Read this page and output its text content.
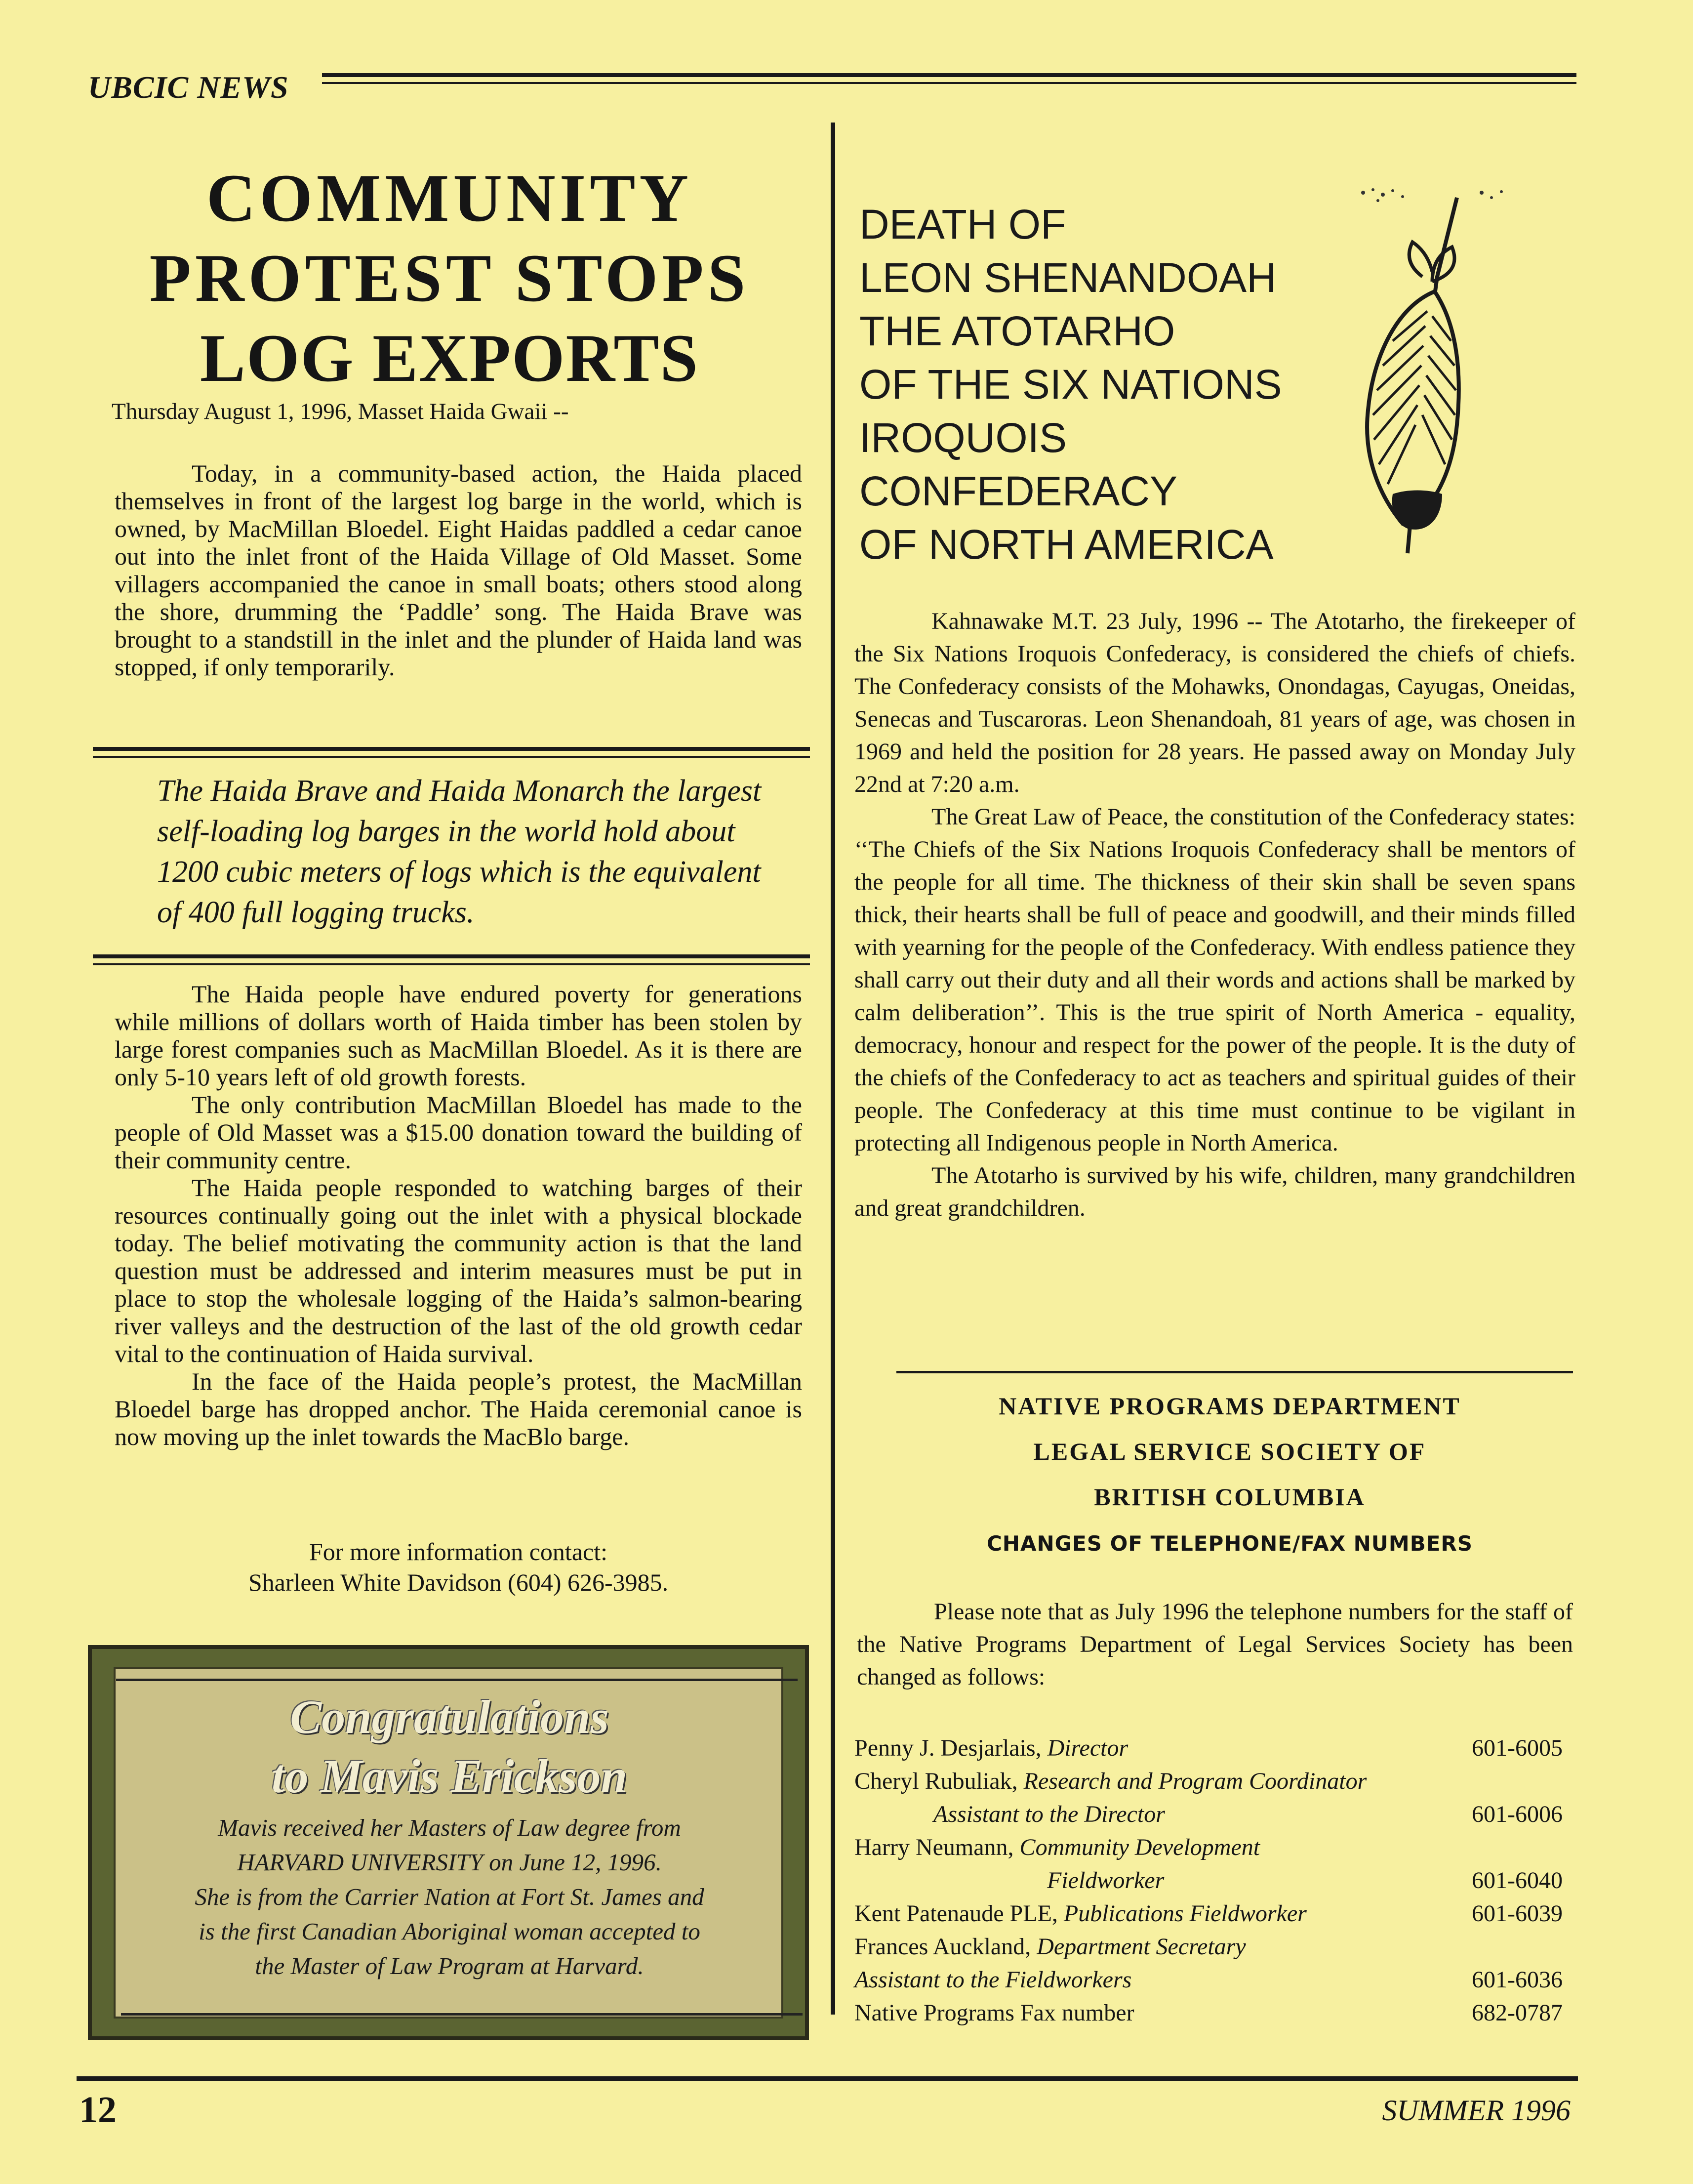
UBCIC NEWS
COMMUNITY
PROTEST STOPS
LOG EXPORTS
Thursday August 1, 1996, Masset Haida Gwaii --
Today, in a community-based action, the Haida placed themselves in front of the largest log barge in the world, which is owned, by MacMillan Bloedel. Eight Haidas paddled a cedar canoe out into the inlet front of the Haida Village of Old Masset. Some villagers accompanied the canoe in small boats; others stood along the shore, drumming the ‘Paddle’ song. The Haida Brave was brought to a standstill in the inlet and the plunder of Haida land was stopped, if only temporarily.
The Haida Brave and Haida Monarch the largest self-loading log barges in the world hold about 1200 cubic meters of logs which is the equivalent of 400 full logging trucks.

The Haida people have endured poverty for generations while millions of dollars worth of Haida timber has been stolen by large forest companies such as MacMillan Bloedel. As it is there are only 5-10 years left of old growth forests.

The only contribution MacMillan Bloedel has made to the people of Old Masset was a $15.00 donation toward the building of their community centre.

The Haida people responded to watching barges of their resources continually going out the inlet with a physical blockade today. The belief motivating the community action is that the land question must be addressed and interim measures must be put in place to stop the wholesale logging of the Haida’s salmon-bearing river valleys and the destruction of the last of the old growth cedar vital to the continuation of Haida survival.

In the face of the Haida people’s protest, the MacMillan Bloedel barge has dropped anchor. The Haida ceremonial canoe is now moving up the inlet towards the MacBlo barge.

For more information contact:
Sharleen White Davidson (604) 626-3985.
Congratulations
to Mavis Erickson
Mavis received her Masters of Law degree from
HARVARD UNIVERSITY on June 12, 1996.
She is from the Carrier Nation at Fort St. James and
is the first Canadian Aboriginal woman accepted to
the Master of Law Program at Harvard.
DEATH OF
LEON SHENANDOAH
THE ATOTARHO
OF THE SIX NATIONS
IROQUOIS
CONFEDERACY
OF NORTH AMERICA

Kahnawake M.T. 23 July, 1996 -- The Atotarho, the firekeeper of the Six Nations Iroquois Confederacy, is considered the chiefs of chiefs. The Confederacy consists of the Mohawks, Onondagas, Cayugas, Oneidas, Senecas and Tuscaroras. Leon Shenandoah, 81 years of age, was chosen in 1969 and held the position for 28 years. He passed away on Monday July 22nd at 7:20 a.m.

The Great Law of Peace, the constitution of the Confederacy states: ‘‘The Chiefs of the Six Nations Iroquois Confederacy shall be mentors of the people for all time. The thickness of their skin shall be seven spans thick, their hearts shall be full of peace and goodwill, and their minds filled with yearning for the people of the Confederacy. With endless patience they shall carry out their duty and all their words and actions shall be marked by calm deliberation’’. This is the true spirit of North America - equality, democracy, honour and respect for the power of the people. It is the duty of the chiefs of the Confederacy to act as teachers and spiritual guides of their people. The Confederacy at this time must continue to be vigilant in protecting all Indigenous people in North America.

The Atotarho is survived by his wife, children, many grandchildren and great grandchildren.

NATIVE PROGRAMS DEPARTMENT
LEGAL SERVICE SOCIETY OF
BRITISH COLUMBIA
CHANGES OF TELEPHONE/FAX NUMBERS
Please note that as July 1996 the telephone numbers for the staff of the Native Programs Department of Legal Services Society has been changed as follows:
Penny J. Desjarlais, Director	601-6005
Cheryl Rubuliak, Research and Program Coordinator
Assistant to the Director	601-6006
Harry Neumann, Community Development
Fieldworker	601-6040
Kent Patenaude PLE, Publications Fieldworker	601-6039
Frances Auckland, Department Secretary
Assistant to the Fieldworkers	601-6036
Native Programs Fax number	682-0787
12	SUMMER 1996
